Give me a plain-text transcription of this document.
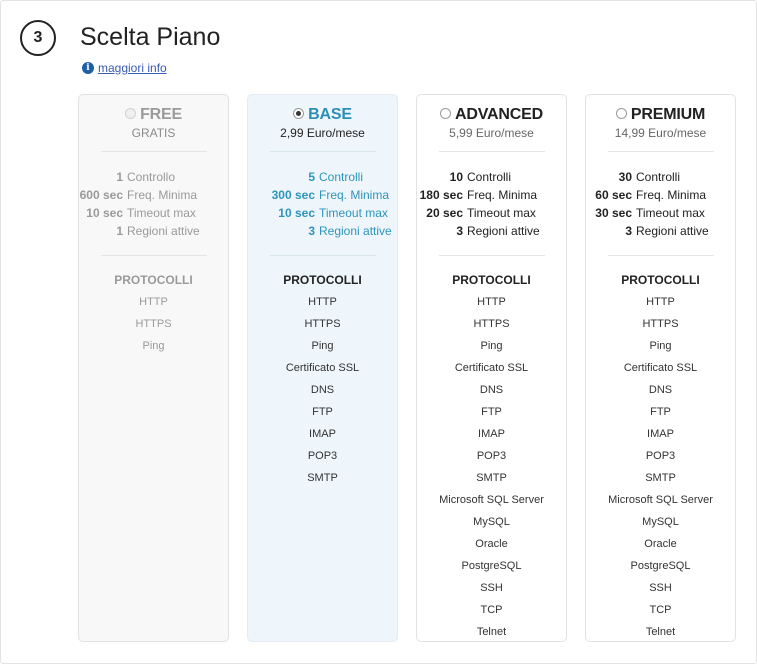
3 Scelta Piano
i maggiori info
FREE
GRATIS
1 Controllo
600 sec Freq. Minima
10 sec Timeout max
1 Regioni attive
PROTOCOLLI
HTTP
HTTPS
Ping
BASE
2,99 Euro/mese
5 Controlli
300 sec Freq. Minima
10 sec Timeout max
3 Regioni attive
PROTOCOLLI
HTTP
HTTPS
Ping
Certificato SSL
DNS
FTP
IMAP
POP3
SMTP
ADVANCED
5,99 Euro/mese
10 Controlli
180 sec Freq. Minima
20 sec Timeout max
3 Regioni attive
PROTOCOLLI
HTTP
HTTPS
Ping
Certificato SSL
DNS
FTP
IMAP
POP3
SMTP
Microsoft SQL Server
MySQL
Oracle
PostgreSQL
SSH
TCP
Telnet
PREMIUM
14,99 Euro/mese
30 Controlli
60 sec Freq. Minima
30 sec Timeout max
3 Regioni attive
PROTOCOLLI
HTTP
HTTPS
Ping
Certificato SSL
DNS
FTP
IMAP
POP3
SMTP
Microsoft SQL Server
MySQL
Oracle
PostgreSQL
SSH
TCP
Telnet
